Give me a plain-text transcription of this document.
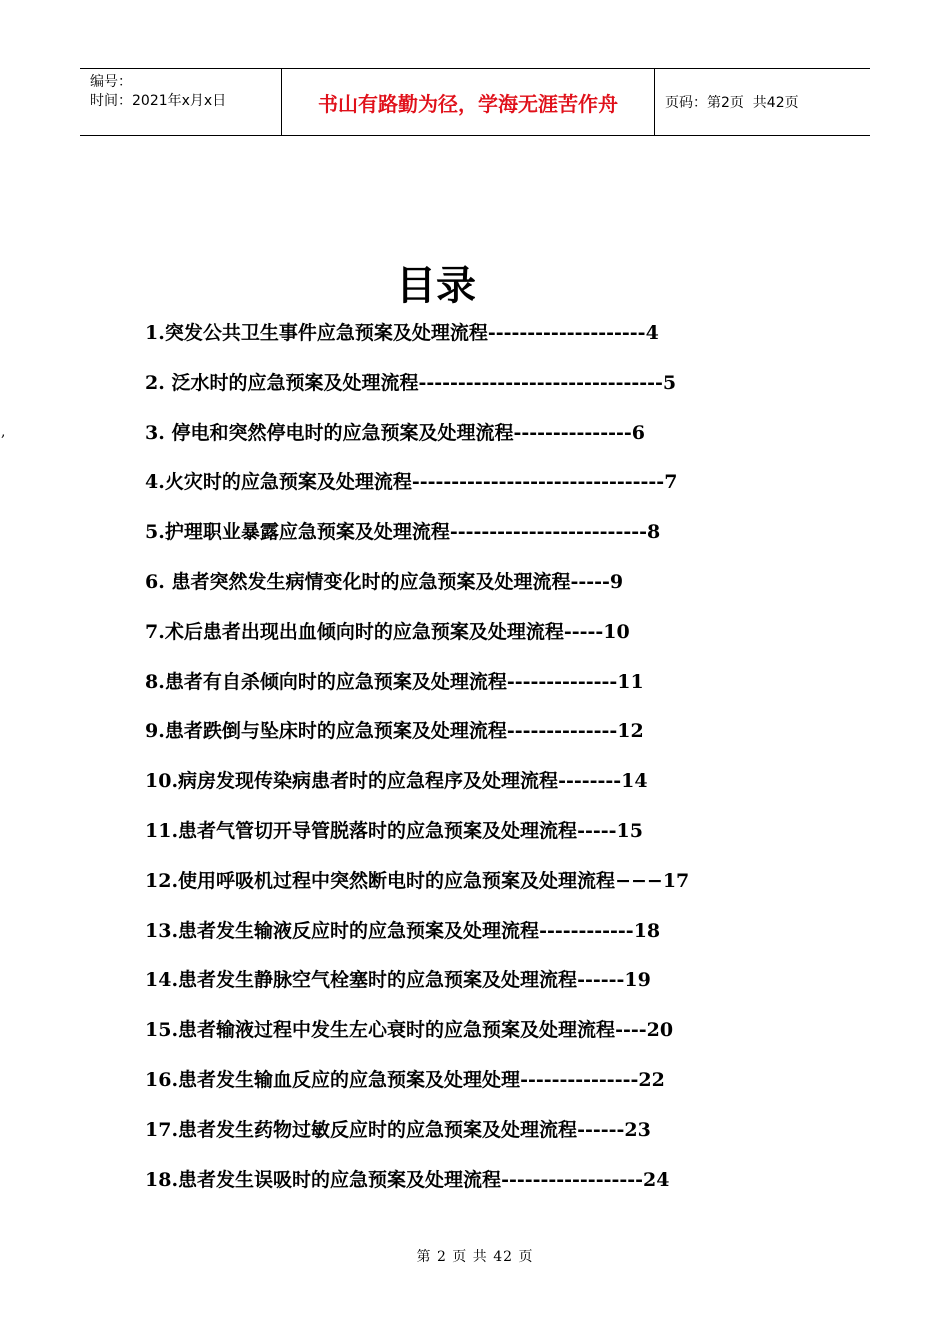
编号：
时间：2021年x月x日	书山有路勤为径，学海无涯苦作舟	页码：第2页  共42页
,
目录
1.突发公共卫生事件应急预案及处理流程--------------------4
2. 泛水时的应急预案及处理流程-------------------------------5
3. 停电和突然停电时的应急预案及处理流程---------------6
4.火灾时的应急预案及处理流程--------------------------------7
5.护理职业暴露应急预案及处理流程-------------------------8
6. 患者突然发生病情变化时的应急预案及处理流程-----9
7.术后患者出现出血倾向时的应急预案及处理流程-----10
8.患者有自杀倾向时的应急预案及处理流程--------------11
9.患者跌倒与坠床时的应急预案及处理流程--------------12
10.病房发现传染病患者时的应急程序及处理流程--------14
11.患者气管切开导管脱落时的应急预案及处理流程-----15
12.使用呼吸机过程中突然断电时的应急预案及处理流程−−−17
13.患者发生输液反应时的应急预案及处理流程------------18
14.患者发生静脉空气栓塞时的应急预案及处理流程------19
15.患者输液过程中发生左心衰时的应急预案及处理流程----20
16.患者发生输血反应的应急预案及处理处理---------------22
17.患者发生药物过敏反应时的应急预案及处理流程------23
18.患者发生误吸时的应急预案及处理流程------------------24
第 2 页 共 42 页
